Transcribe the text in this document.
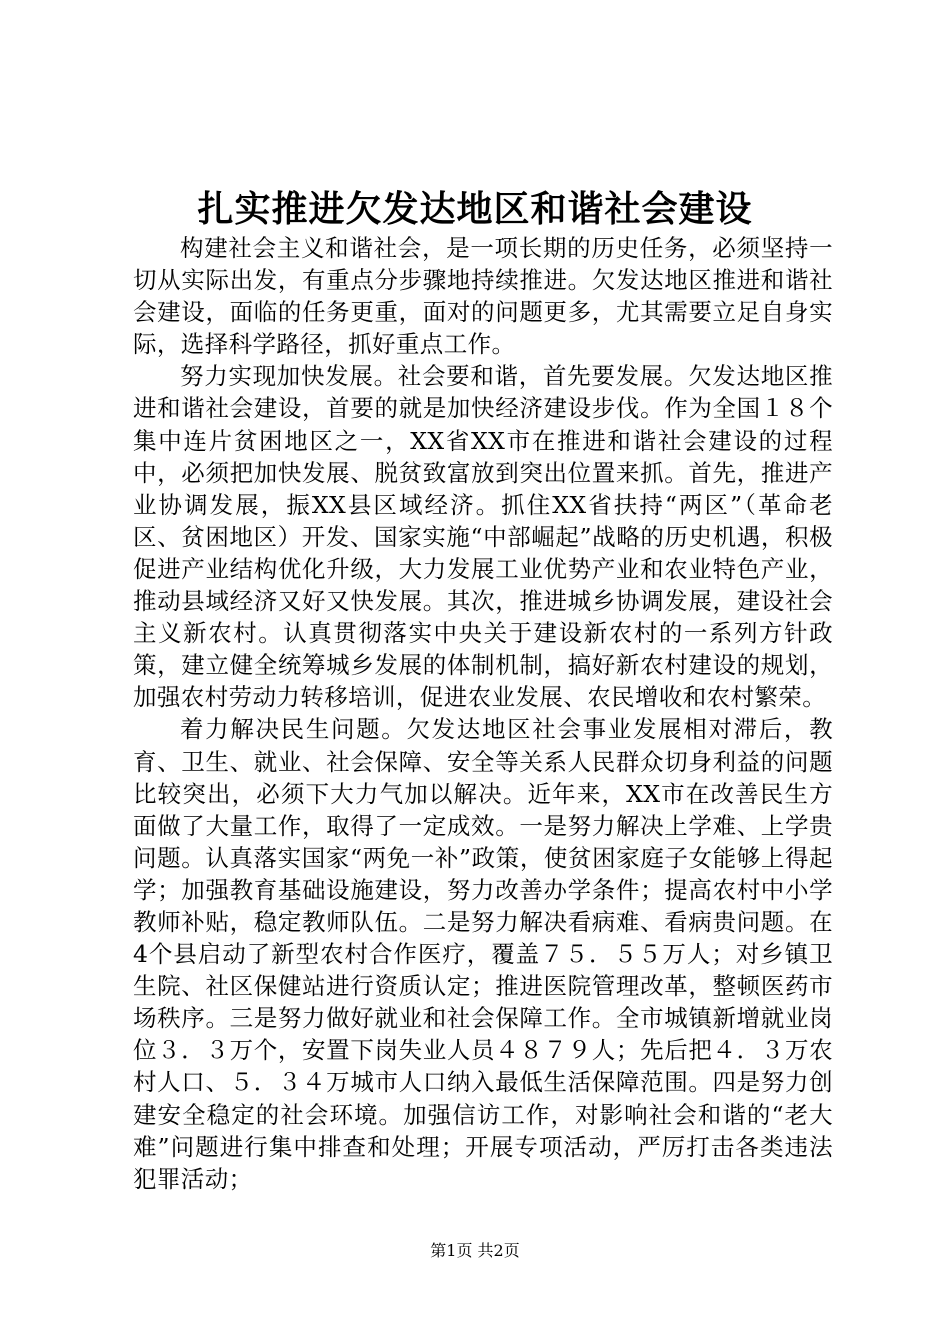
扎实推进欠发达地区和谐社会建设

构建社会主义和谐社会，是一项长期的历史任务，必须坚持一切从实际出发，有重点分步骤地持续推进。欠发达地区推进和谐社会建设，面临的任务更重，面对的问题更多，尤其需要立足自身实际，选择科学路径，抓好重点工作。

努力实现加快发展。社会要和谐，首先要发展。欠发达地区推进和谐社会建设，首要的就是加快经济建设步伐。作为全国１８个集中连片贫困地区之一，XX省XX市在推进和谐社会建设的过程中，必须把加快发展、脱贫致富放到突出位置来抓。首先，推进产业协调发展，振XX县区域经济。抓住XX省扶持“两区”（革命老区、贫困地区）开发、国家实施“中部崛起”战略的历史机遇，积极促进产业结构优化升级，大力发展工业优势产业和农业特色产业，推动县域经济又好又快发展。其次，推进城乡协调发展，建设社会主义新农村。认真贯彻落实中央关于建设新农村的一系列方针政策，建立健全统筹城乡发展的体制机制，搞好新农村建设的规划，加强农村劳动力转移培训，促进农业发展、农民增收和农村繁荣。

着力解决民生问题。欠发达地区社会事业发展相对滞后，教育、卫生、就业、社会保障、安全等关系人民群众切身利益的问题比较突出，必须下大力气加以解决。近年来，XX市在改善民生方面做了大量工作，取得了一定成效。一是努力解决上学难、上学贵问题。认真落实国家“两免一补”政策，使贫困家庭子女能够上得起学；加强教育基础设施建设，努力改善办学条件；提高农村中小学教师补贴，稳定教师队伍。二是努力解决看病难、看病贵问题。在4个县启动了新型农村合作医疗，覆盖７５．５５万人；对乡镇卫生院、社区保健站进行资质认定；推进医院管理改革，整顿医药市场秩序。三是努力做好就业和社会保障工作。全市城镇新增就业岗位３．３万个，安置下岗失业人员４８７９人；先后把４．３万农村人口、５．３４万城市人口纳入最低生活保障范围。四是努力创建安全稳定的社会环境。加强信访工作，对影响社会和谐的“老大难”问题进行集中排查和处理；开展专项活动，严厉打击各类违法犯罪活动；

第1页 共2页
